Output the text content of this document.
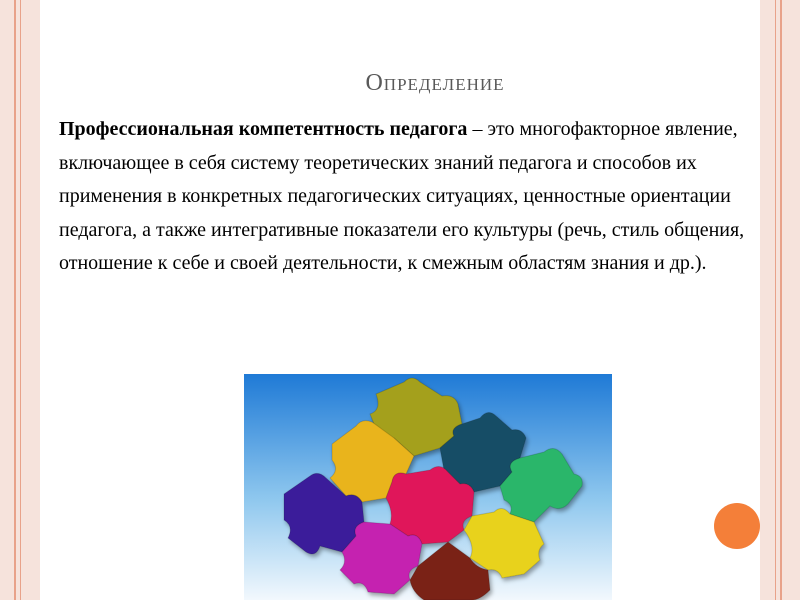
Определение
Профессиональная компетентность педагога – это многофакторное явление, включающее в себя систему теоретических знаний педагога и способов их применения в конкретных педагогических ситуациях, ценностные ориентации педагога, а также интегративные показатели его культуры (речь, стиль общения, отношение к себе и своей деятельности, к смежным областям знания и др.).
